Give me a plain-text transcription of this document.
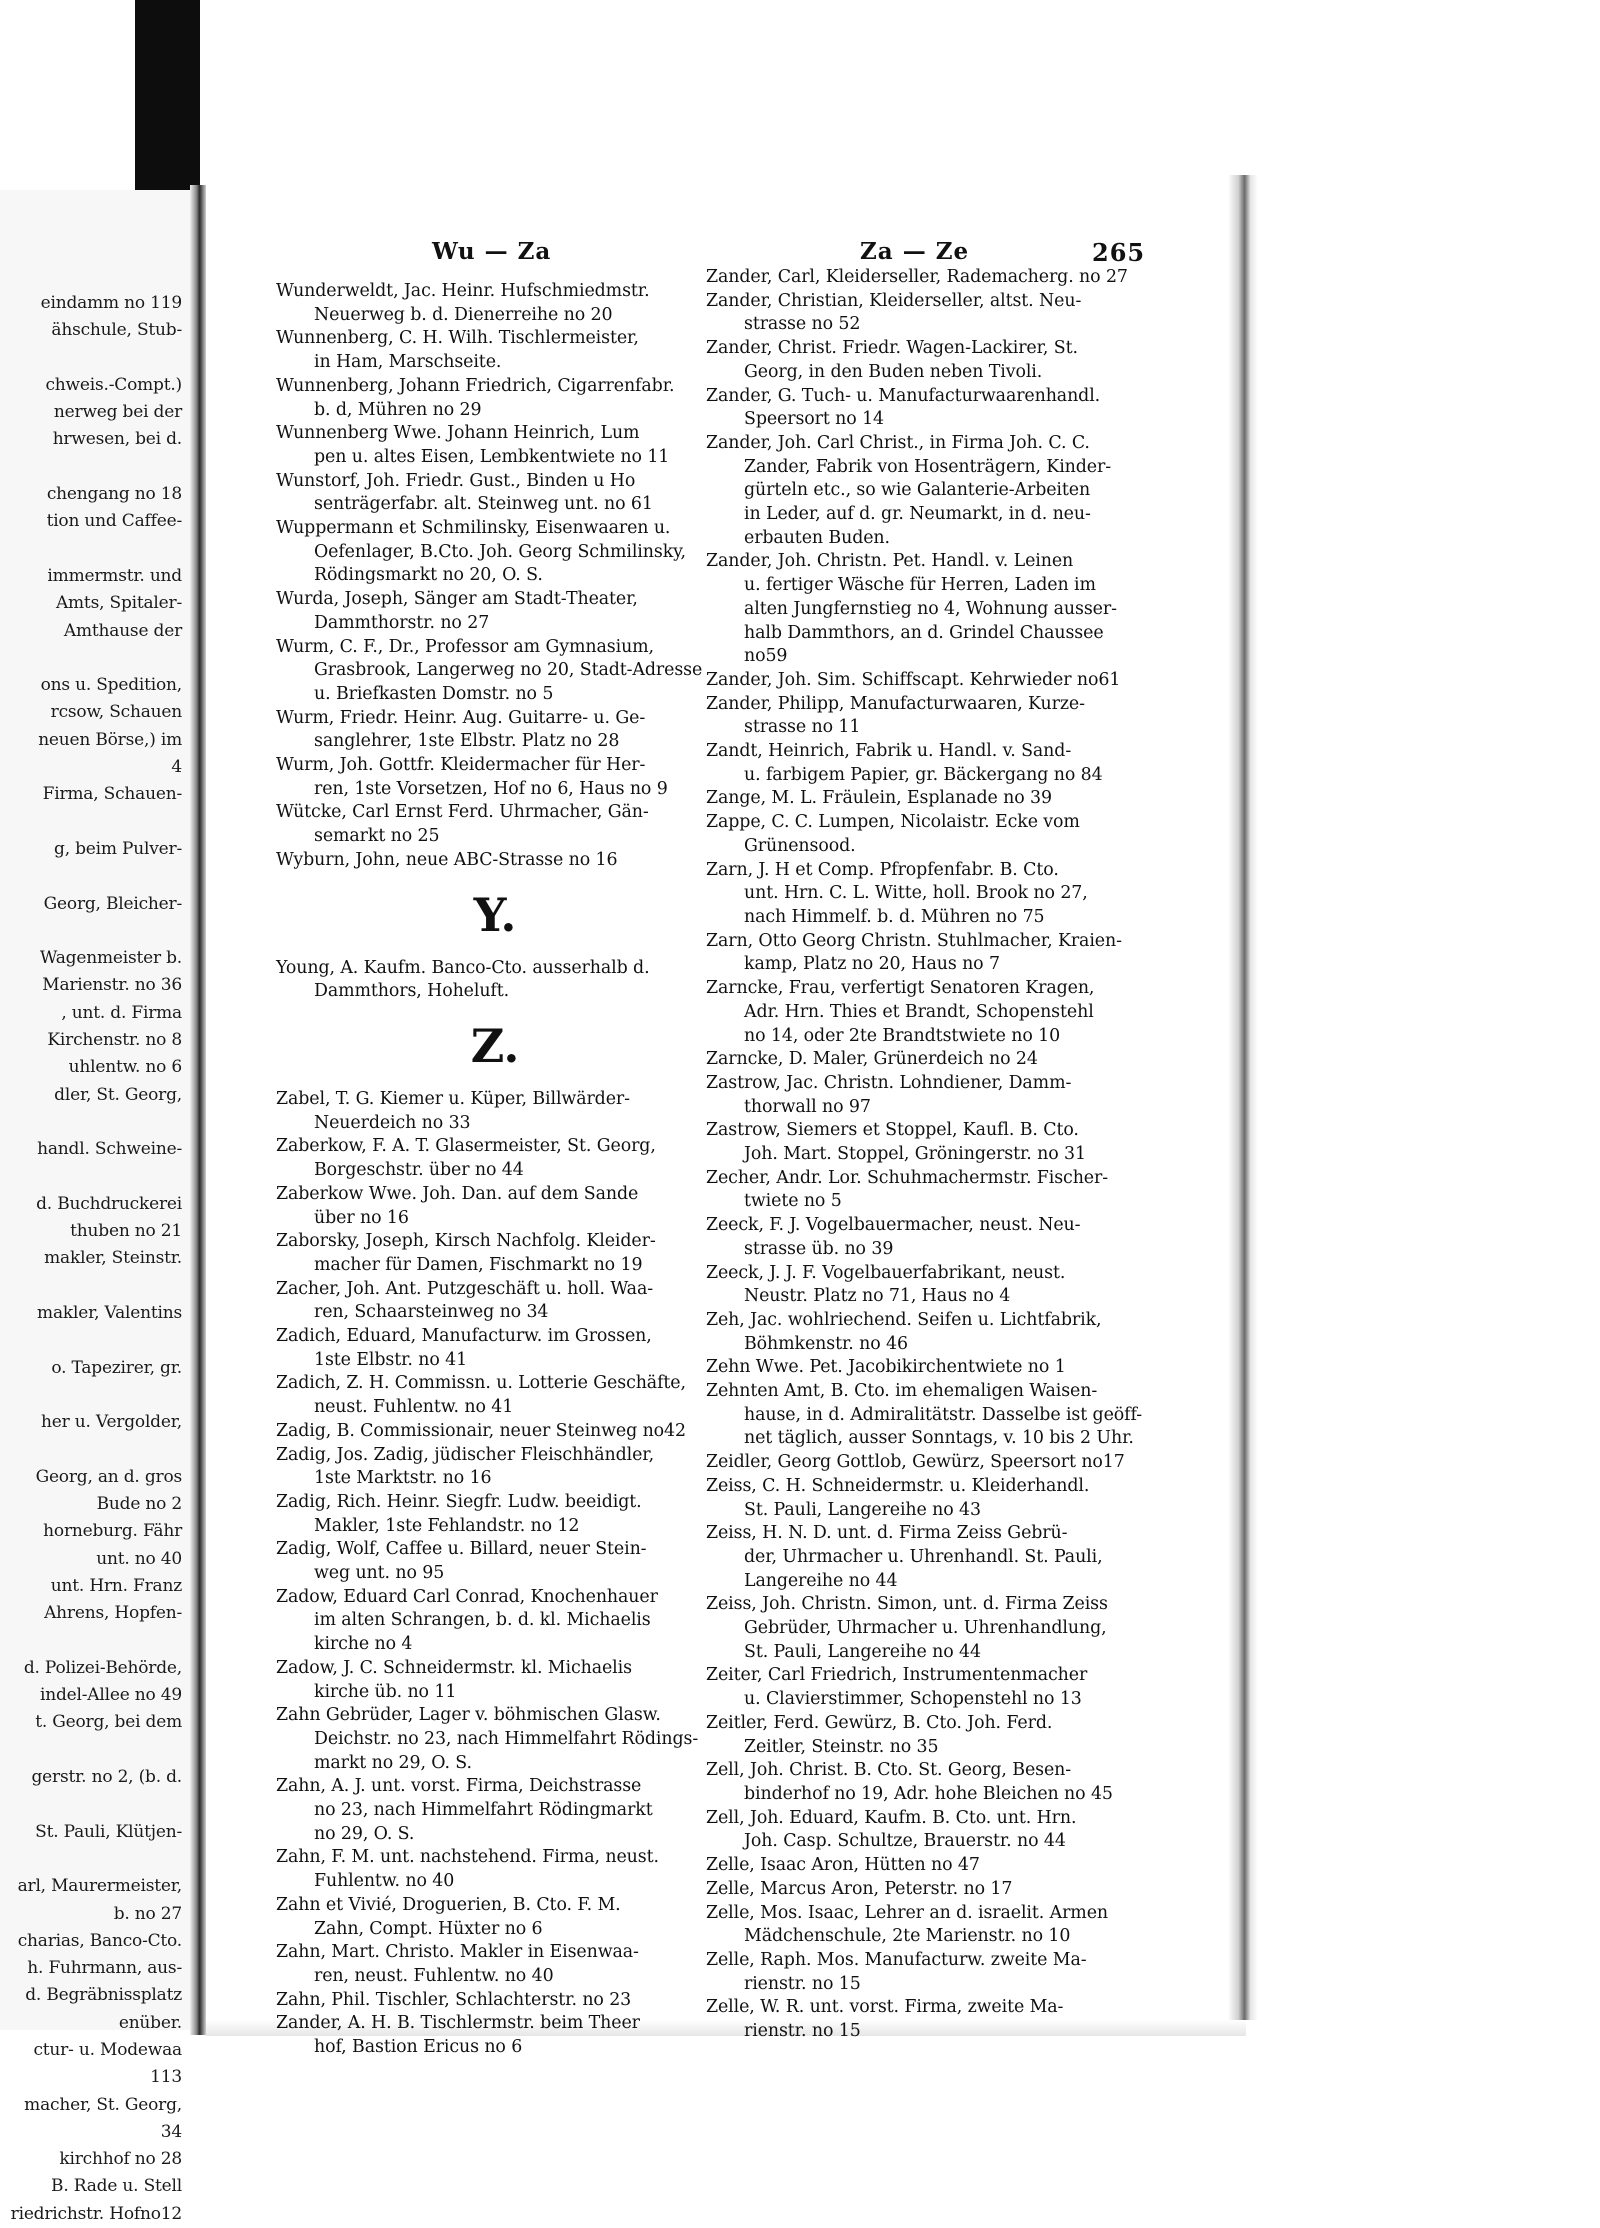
eindamm no 119
ähschule, Stub-

chweis.-Compt.)
nerweg bei der
hrwesen, bei d.

chengang no 18
tion und Caffee-

immermstr. und
Amts, Spitaler-
Amthause der

ons u. Spedition,
rcsow, Schauen
neuen Börse,) im
4
Firma, Schauen-

g, beim Pulver-

Georg, Bleicher-

Wagenmeister b.
Marienstr. no 36
, unt. d. Firma
Kirchenstr. no 8
uhlentw. no 6
dler, St. Georg,

handl. Schweine-

d. Buchdruckerei
thuben no 21
makler, Steinstr.

makler, Valentins

o. Tapezirer, gr.

her u. Vergolder,

Georg, an d. gros
Bude no 2
horneburg. Fähr
unt. no 40
unt. Hrn. Franz
Ahrens, Hopfen-

d. Polizei-Behörde,
indel-Allee no 49
t. Georg, bei dem

gerstr. no 2, (b. d.

St. Pauli, Klütjen-

arl, Maurermeister,
b. no 27
charias, Banco-Cto.
h. Fuhrmann, aus-
d. Begräbnissplatz
enüber.
ctur- u. Modewaa
113
macher, St. Georg,
34
kirchhof no 28
B. Rade u. Stell
riedrichstr. Hofno12
Wu — Za	Za — Ze	265
Wunderweldt, Jac. Heinr. Hufschmiedmstr.
Neuerweg b. d. Dienerreihe no 20
Wunnenberg, C. H. Wilh. Tischlermeister,
in Ham, Marschseite.
Wunnenberg, Johann Friedrich, Cigarrenfabr.
b. d, Mühren no 29
Wunnenberg Wwe. Johann Heinrich, Lum
pen u. altes Eisen, Lembkentwiete no 11
Wunstorf, Joh. Friedr. Gust., Binden u Ho
senträgerfabr. alt. Steinweg unt. no 61
Wuppermann et Schmilinsky, Eisenwaaren u.
Oefenlager, B.Cto. Joh. Georg Schmilinsky,
Rödingsmarkt no 20, O. S.
Wurda, Joseph, Sänger am Stadt-Theater,
Dammthorstr. no 27
Wurm, C. F., Dr., Professor am Gymnasium,
Grasbrook, Langerweg no 20, Stadt-Adresse
u. Briefkasten Domstr. no 5
Wurm, Friedr. Heinr. Aug. Guitarre- u. Ge-
sanglehrer, 1ste Elbstr. Platz no 28
Wurm, Joh. Gottfr. Kleidermacher für Her-
ren, 1ste Vorsetzen, Hof no 6, Haus no 9
Wütcke, Carl Ernst Ferd. Uhrmacher, Gän-
semarkt no 25
Wyburn, John, neue ABC-Strasse no 16
Y.
Young, A. Kaufm. Banco-Cto. ausserhalb d.
Dammthors, Hoheluft.
Z.
Zabel, T. G. Kiemer u. Küper, Billwärder-
Neuerdeich no 33
Zaberkow, F. A. T. Glasermeister, St. Georg,
Borgeschstr. über no 44
Zaberkow Wwe. Joh. Dan. auf dem Sande
über no 16
Zaborsky, Joseph, Kirsch Nachfolg. Kleider-
macher für Damen, Fischmarkt no 19
Zacher, Joh. Ant. Putzgeschäft u. holl. Waa-
ren, Schaarsteinweg no 34
Zadich, Eduard, Manufacturw. im Grossen,
1ste Elbstr. no 41
Zadich, Z. H. Commissn. u. Lotterie Geschäfte,
neust. Fuhlentw. no 41
Zadig, B. Commissionair, neuer Steinweg no42
Zadig, Jos. Zadig, jüdischer Fleischhändler,
1ste Marktstr. no 16
Zadig, Rich. Heinr. Siegfr. Ludw. beeidigt.
Makler, 1ste Fehlandstr. no 12
Zadig, Wolf, Caffee u. Billard, neuer Stein-
weg unt. no 95
Zadow, Eduard Carl Conrad, Knochenhauer
im alten Schrangen, b. d. kl. Michaelis
kirche no 4
Zadow, J. C. Schneidermstr. kl. Michaelis
kirche üb. no 11
Zahn Gebrüder, Lager v. böhmischen Glasw.
Deichstr. no 23, nach Himmelfahrt Rödings-
markt no 29, O. S.
Zahn, A. J. unt. vorst. Firma, Deichstrasse
no 23, nach Himmelfahrt Rödingmarkt
no 29, O. S.
Zahn, F. M. unt. nachstehend. Firma, neust.
Fuhlentw. no 40
Zahn et Vivié, Droguerien, B. Cto. F. M.
Zahn, Compt. Hüxter no 6
Zahn, Mart. Christo. Makler in Eisenwaa-
ren, neust. Fuhlentw. no 40
Zahn, Phil. Tischler, Schlachterstr. no 23
Zander, A. H. B. Tischlermstr. beim Theer
hof, Bastion Ericus no 6
Zander, Carl, Kleiderseller, Rademacherg. no 27
Zander, Christian, Kleiderseller, altst. Neu-
strasse no 52
Zander, Christ. Friedr. Wagen-Lackirer, St.
Georg, in den Buden neben Tivoli.
Zander, G. Tuch- u. Manufacturwaarenhandl.
Speersort no 14
Zander, Joh. Carl Christ., in Firma Joh. C. C.
Zander, Fabrik von Hosenträgern, Kinder-
gürteln etc., so wie Galanterie-Arbeiten
in Leder, auf d. gr. Neumarkt, in d. neu-
erbauten Buden.
Zander, Joh. Christn. Pet. Handl. v. Leinen
u. fertiger Wäsche für Herren, Laden im
alten Jungfernstieg no 4, Wohnung ausser-
halb Dammthors, an d. Grindel Chaussee no59
Zander, Joh. Sim. Schiffscapt. Kehrwieder no61
Zander, Philipp, Manufacturwaaren, Kurze-
strasse no 11
Zandt, Heinrich, Fabrik u. Handl. v. Sand-
u. farbigem Papier, gr. Bäckergang no 84
Zange, M. L. Fräulein, Esplanade no 39
Zappe, C. C. Lumpen, Nicolaistr. Ecke vom
Grünensood.
Zarn, J. H et Comp. Pfropfenfabr. B. Cto.
unt. Hrn. C. L. Witte, holl. Brook no 27,
nach Himmelf. b. d. Mühren no 75
Zarn, Otto Georg Christn. Stuhlmacher, Kraien-
kamp, Platz no 20, Haus no 7
Zarncke, Frau, verfertigt Senatoren Kragen,
Adr. Hrn. Thies et Brandt, Schopenstehl
no 14, oder 2te Brandtstwiete no 10
Zarncke, D. Maler, Grünerdeich no 24
Zastrow, Jac. Christn. Lohndiener, Damm-
thorwall no 97
Zastrow, Siemers et Stoppel, Kaufl. B. Cto.
Joh. Mart. Stoppel, Gröningerstr. no 31
Zecher, Andr. Lor. Schuhmachermstr. Fischer-
twiete no 5
Zeeck, F. J. Vogelbauermacher, neust. Neu-
strasse üb. no 39
Zeeck, J. J. F. Vogelbauerfabrikant, neust.
Neustr. Platz no 71, Haus no 4
Zeh, Jac. wohlriechend. Seifen u. Lichtfabrik,
Böhmkenstr. no 46
Zehn Wwe. Pet. Jacobikirchentwiete no 1
Zehnten Amt, B. Cto. im ehemaligen Waisen-
hause, in d. Admiralitätstr. Dasselbe ist geöff-
net täglich, ausser Sonntags, v. 10 bis 2 Uhr.
Zeidler, Georg Gottlob, Gewürz, Speersort no17
Zeiss, C. H. Schneidermstr. u. Kleiderhandl.
St. Pauli, Langereihe no 43
Zeiss, H. N. D. unt. d. Firma Zeiss Gebrü-
der, Uhrmacher u. Uhrenhandl. St. Pauli,
Langereihe no 44
Zeiss, Joh. Christn. Simon, unt. d. Firma Zeiss
Gebrüder, Uhrmacher u. Uhrenhandlung,
St. Pauli, Langereihe no 44
Zeiter, Carl Friedrich, Instrumentenmacher
u. Clavierstimmer, Schopenstehl no 13
Zeitler, Ferd. Gewürz, B. Cto. Joh. Ferd.
Zeitler, Steinstr. no 35
Zell, Joh. Christ. B. Cto. St. Georg, Besen-
binderhof no 19, Adr. hohe Bleichen no 45
Zell, Joh. Eduard, Kaufm. B. Cto. unt. Hrn.
Joh. Casp. Schultze, Brauerstr. no 44
Zelle, Isaac Aron, Hütten no 47
Zelle, Marcus Aron, Peterstr. no 17
Zelle, Mos. Isaac, Lehrer an d. israelit. Armen
Mädchenschule, 2te Marienstr. no 10
Zelle, Raph. Mos. Manufacturw. zweite Ma-
rienstr. no 15
Zelle, W. R. unt. vorst. Firma, zweite Ma-
rienstr. no 15
